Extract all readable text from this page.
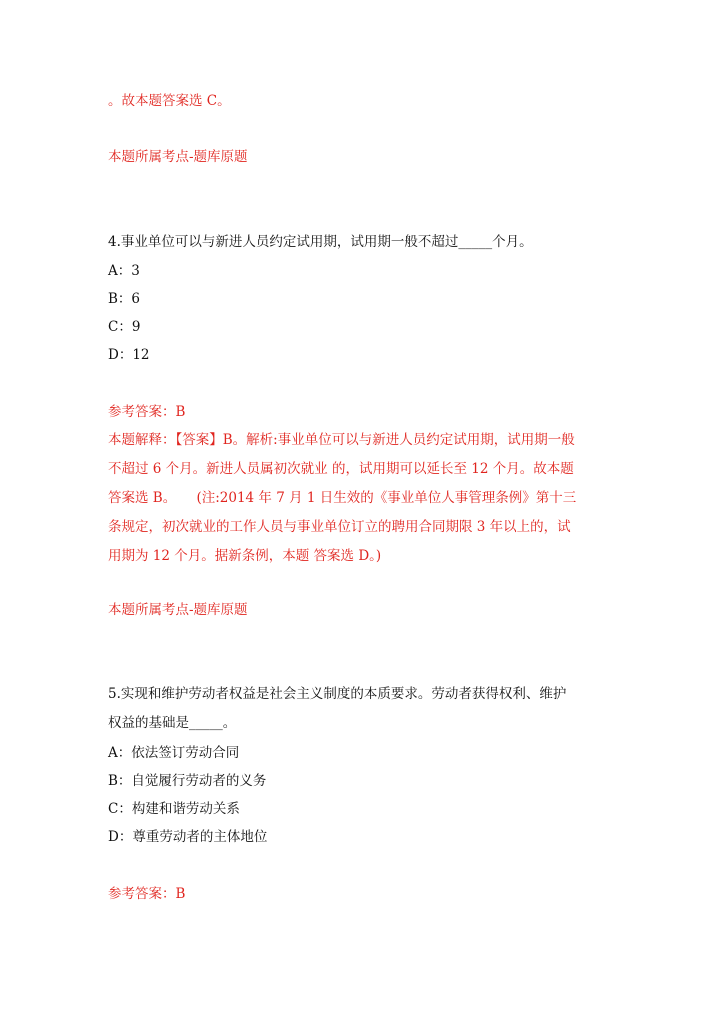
。故本题答案选 C。
本题所属考点-题库原题
4.事业单位可以与新进人员约定试用期，试用期一般不超过_____个月。
A：3
B：6
C：9
D：12
参考答案：B
本题解释：【答案】B。解析:事业单位可以与新进人员约定试用期，试用期一般
不超过 6 个月。新进人员属初次就业 的，试用期可以延长至 12 个月。故本题
答案选 B。　　(注:2014 年 7 月 1 日生效的《事业单位人事管理条例》第十三
条规定，初次就业的工作人员与事业单位订立的聘用合同期限 3 年以上的，试
用期为 12 个月。据新条例，本题 答案选 D。)
本题所属考点-题库原题
5.实现和维护劳动者权益是社会主义制度的本质要求。劳动者获得权利、维护
权益的基础是_____。
A：依法签订劳动合同
B：自觉履行劳动者的义务
C：构建和谐劳动关系
D：尊重劳动者的主体地位
参考答案：B
